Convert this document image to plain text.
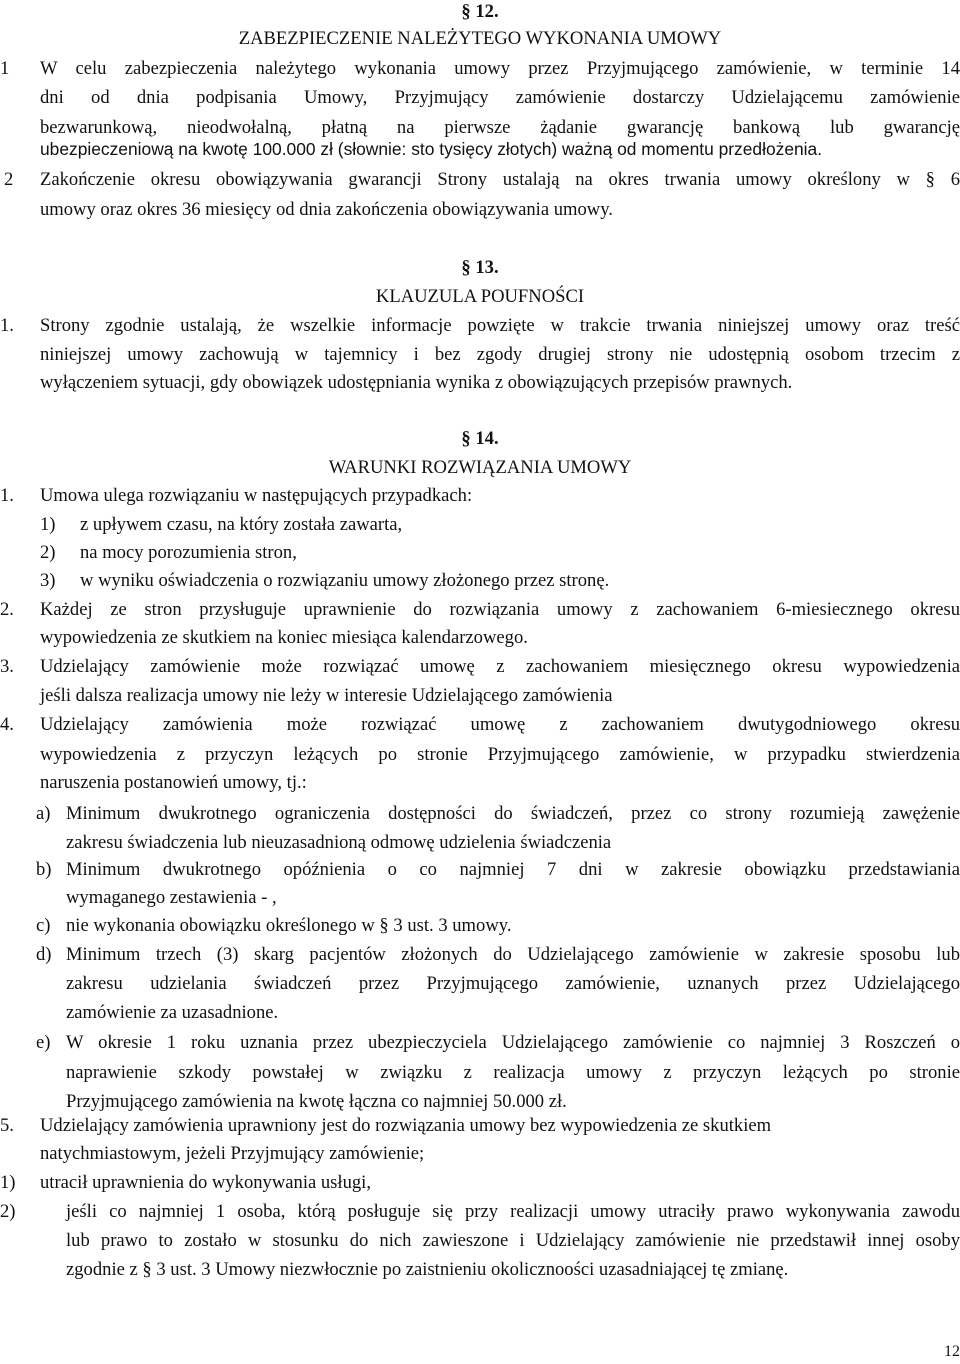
§ 12.
ZABEZPIECZENIE NALEŻYTEGO WYKONANIA UMOWY
1 W celu zabezpieczenia należytego wykonania umowy przez Przyjmującego zamówienie, w terminie 14
dni od dnia podpisania Umowy, Przyjmujący zamówienie dostarczy Udzielającemu zamówienie
bezwarunkową, nieodwołalną, płatną na pierwsze żądanie gwarancję bankową lub gwarancję
ubezpieczeniową na kwotę 100.000 zł (słownie: sto tysięcy złotych) ważną od momentu przedłożenia.
2 Zakończenie okresu obowiązywania gwarancji Strony ustalają na okres trwania umowy określony w § 6
umowy oraz okres 36 miesięcy od dnia zakończenia obowiązywania umowy.
§ 13.
KLAUZULA POUFNOŚCI
1. Strony zgodnie ustalają, że wszelkie informacje powzięte w trakcie trwania niniejszej umowy oraz treść
niniejszej umowy zachowują w tajemnicy i bez zgody drugiej strony nie udostępnią osobom trzecim z
wyłączeniem sytuacji, gdy obowiązek udostępniania wynika z obowiązujących przepisów prawnych.
§ 14.
WARUNKI ROZWIĄZANIA UMOWY
1. Umowa ulega rozwiązaniu w następujących przypadkach:
1) z upływem czasu, na który została zawarta,
2) na mocy porozumienia stron,
3) w wyniku oświadczenia o rozwiązaniu umowy złożonego przez stronę.
2. Każdej ze stron przysługuje uprawnienie do rozwiązania umowy z zachowaniem 6-miesiecznego okresu
wypowiedzenia ze skutkiem na koniec miesiąca kalendarzowego.
3. Udzielający zamówienie może rozwiązać umowę z zachowaniem miesięcznego okresu wypowiedzenia
jeśli dalsza realizacja umowy nie leży w interesie Udzielającego zamówienia
4. Udzielający zamówienia może rozwiązać umowę z zachowaniem dwutygodniowego okresu
wypowiedzenia z przyczyn leżących po stronie Przyjmującego zamówienie, w przypadku stwierdzenia
naruszenia postanowień umowy, tj.:
a) Minimum dwukrotnego ograniczenia dostępności do świadczeń, przez co strony rozumieją zawężenie
zakresu świadczenia lub nieuzasadnioną odmowę udzielenia świadczenia
b) Minimum dwukrotnego opóźnienia o co najmniej 7 dni w zakresie obowiązku przedstawiania
wymaganego zestawienia - ,
c) nie wykonania obowiązku określonego w § 3 ust. 3 umowy.
d) Minimum trzech (3) skarg pacjentów złożonych do Udzielającego zamówienie w zakresie sposobu lub
zakresu udzielania świadczeń przez Przyjmującego zamówienie, uznanych przez Udzielającego
zamówienie za uzasadnione.
e) W okresie 1 roku uznania przez ubezpieczyciela Udzielającego zamówienie co najmniej 3 Roszczeń o
naprawienie szkody powstałej w związku z realizacja umowy z przyczyn leżących po stronie
Przyjmującego zamówienia na kwotę łączna co najmniej 50.000 zł.
5. Udzielający zamówienia uprawniony jest do rozwiązania umowy bez wypowiedzenia ze skutkiem
natychmiastowym, jeżeli Przyjmujący zamówienie;
1) utracił uprawnienia do wykonywania usługi,
2)	jeśli co najmniej 1 osoba, którą posługuje się przy realizacji umowy utraciły prawo wykonywania zawodu
lub prawo to zostało w stosunku do nich zawieszone i Udzielający zamówienie nie przedstawił innej osoby
zgodnie z § 3 ust. 3 Umowy niezwłocznie po zaistnieniu okolicznoości uzasadniającej tę zmianę.
12
